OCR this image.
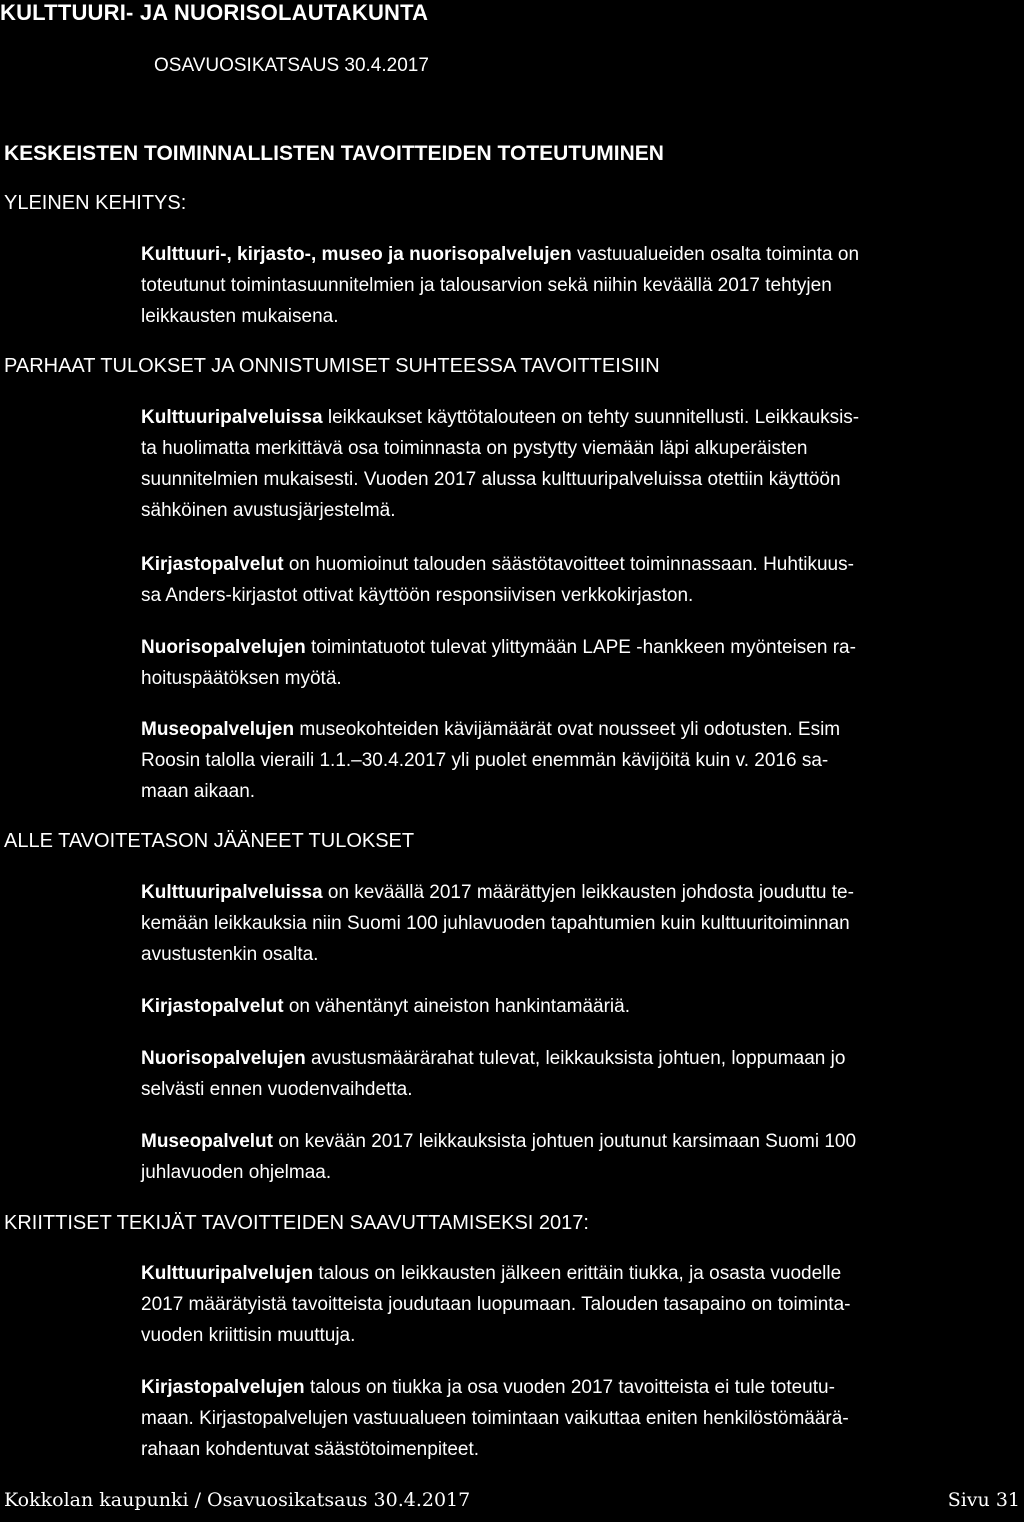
KULTTUURI- JA NUORISOLAUTAKUNTA
OSAVUOSIKATSAUS 30.4.2017
KESKEISTEN TOIMINNALLISTEN TAVOITTEIDEN TOTEUTUMINEN
YLEINEN KEHITYS:
Kulttuuri-, kirjasto-, museo ja nuorisopalvelujen vastuualueiden osalta toiminta on
toteutunut toimintasuunnitelmien ja talousarvion sekä niihin keväällä 2017 tehtyjen
leikkausten mukaisena.
PARHAAT TULOKSET JA ONNISTUMISET SUHTEESSA TAVOITTEISIIN
Kulttuuripalveluissa leikkaukset käyttötalouteen on tehty suunnitellusti. Leikkauksis-
ta huolimatta merkittävä osa toiminnasta on pystytty viemään läpi alkuperäisten
suunnitelmien mukaisesti. Vuoden 2017 alussa kulttuuripalveluissa otettiin käyttöön
sähköinen avustusjärjestelmä.
Kirjastopalvelut on huomioinut talouden säästötavoitteet toiminnassaan. Huhtikuus-
sa Anders-kirjastot ottivat käyttöön responsiivisen verkkokirjaston.
Nuorisopalvelujen toimintatuotot tulevat ylittymään LAPE -hankkeen myönteisen ra-
hoituspäätöksen myötä.
Museopalvelujen museokohteiden kävijämäärät ovat nousseet yli odotusten. Esim
Roosin talolla vieraili 1.1.–30.4.2017 yli puolet enemmän kävijöitä kuin v. 2016 sa-
maan aikaan.
ALLE TAVOITETASON JÄÄNEET TULOKSET
Kulttuuripalveluissa on keväällä 2017 määrättyjen leikkausten johdosta jouduttu te-
kemään leikkauksia niin Suomi 100 juhlavuoden tapahtumien kuin kulttuuritoiminnan
avustustenkin osalta.
Kirjastopalvelut on vähentänyt aineiston hankintamääriä.
Nuorisopalvelujen avustusmäärärahat tulevat, leikkauksista johtuen, loppumaan jo
selvästi ennen vuodenvaihdetta.
Museopalvelut on kevään 2017 leikkauksista johtuen joutunut karsimaan Suomi 100
juhlavuoden ohjelmaa.
KRIITTISET TEKIJÄT TAVOITTEIDEN SAAVUTTAMISEKSI 2017:
Kulttuuripalvelujen talous on leikkausten jälkeen erittäin tiukka, ja osasta vuodelle
2017 määrätyistä tavoitteista joudutaan luopumaan. Talouden tasapaino on toiminta-
vuoden kriittisin muuttuja.
Kirjastopalvelujen talous on tiukka ja osa vuoden 2017 tavoitteista ei tule toteutu-
maan. Kirjastopalvelujen vastuualueen toimintaan vaikuttaa eniten henkilöstömäärä-
rahaan kohdentuvat säästötoimenpiteet.
Kokkolan kaupunki / Osavuosikatsaus 30.4.2017	Sivu 31
